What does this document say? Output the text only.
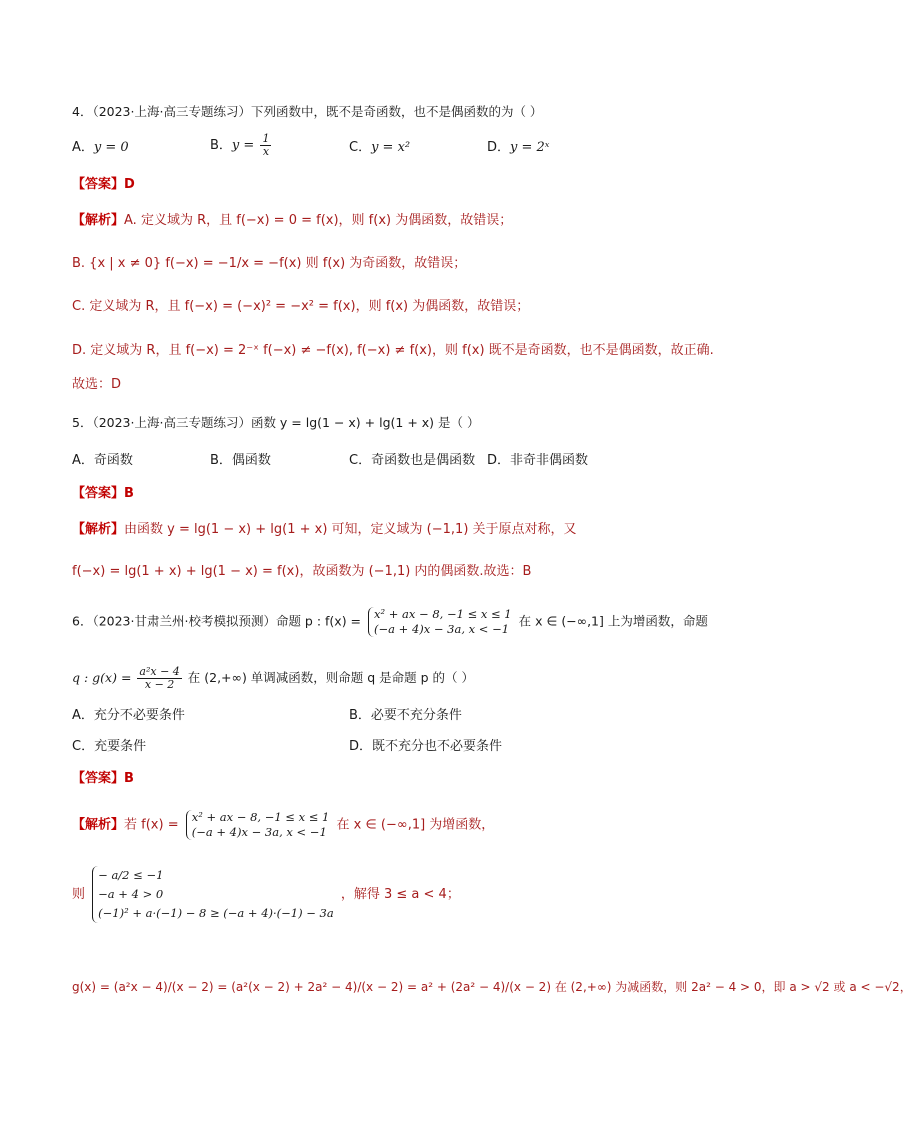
4．（2023·上海·高三专题练习）下列函数中，既不是奇函数，也不是偶函数的为（ ）
A．y = 0	B．$y = \frac{1}{x}$	C．y = x²	D．y = 2ˣ
【答案】D
【解析】A. 定义域为 R，且 f(−x) = 0 = f(x)，则 f(x) 为偶函数，故错误；
B. {x | x ≠ 0} f(−x) = −1/x = −f(x) 则 f(x) 为奇函数，故错误；
C. 定义域为 R，且 f(−x) = (−x)² = −x² = f(x)，则 f(x) 为偶函数，故错误；
D. 定义域为 R，且 f(−x) = 2⁻ˣ f(−x) ≠ −f(x), f(−x) ≠ f(x)，则 f(x) 既不是奇函数，也不是偶函数，故正确.
故选：D
5．（2023·上海·高三专题练习）函数 y = lg(1 − x) + lg(1 + x) 是（ ）
A．奇函数	B．偶函数	C．奇函数也是偶函数 D．非奇非偶函数
【答案】B
【解析】由函数 y = lg(1 − x) + lg(1 + x) 可知，定义域为 (−1,1) 关于原点对称，又
f(−x) = lg(1 + x) + lg(1 − x) = f(x)，故函数为 (−1,1) 内的偶函数.故选：B
6．（2023·甘肃兰州·校考模拟预测）命题 p : f(x) = x² + ax − 8, −1 ≤ x ≤ 1
(−a + 4)x − 3a, x < −1
在 x ∈ (−∞,1] 上为增函数，命题
q : $g(x) = \frac{\text{a²x − 4}}{x - 2}$ 在 (2,+∞) 单调减函数，则命题 q 是命题 p 的（ ）
A．充分不必要条件	B．必要不充分条件
C．充要条件	D．既不充分也不必要条件
【答案】B
【解析】若 f(x) =
x² + ax − 8, −1 ≤ x ≤ 1
(−a + 4)x − 3a, x < −1 在 x ∈ (−∞,1] 为增函数，
则
− a/2 ≤ −1
−a + 4 > 0
(−1)² + a·(−1) − 8 ≥ (−a + 4)·(−1) − 3a
，解得 3 ≤ a < 4；
g(x) = (a²x − 4)/(x − 2) = (a²(x − 2) + 2a² − 4)/(x − 2) = a² + (2a² − 4)/(x − 2) 在 (2,+∞) 为减函数，则 2a² − 4 > 0，即 a > √2 或 a < −√2，
